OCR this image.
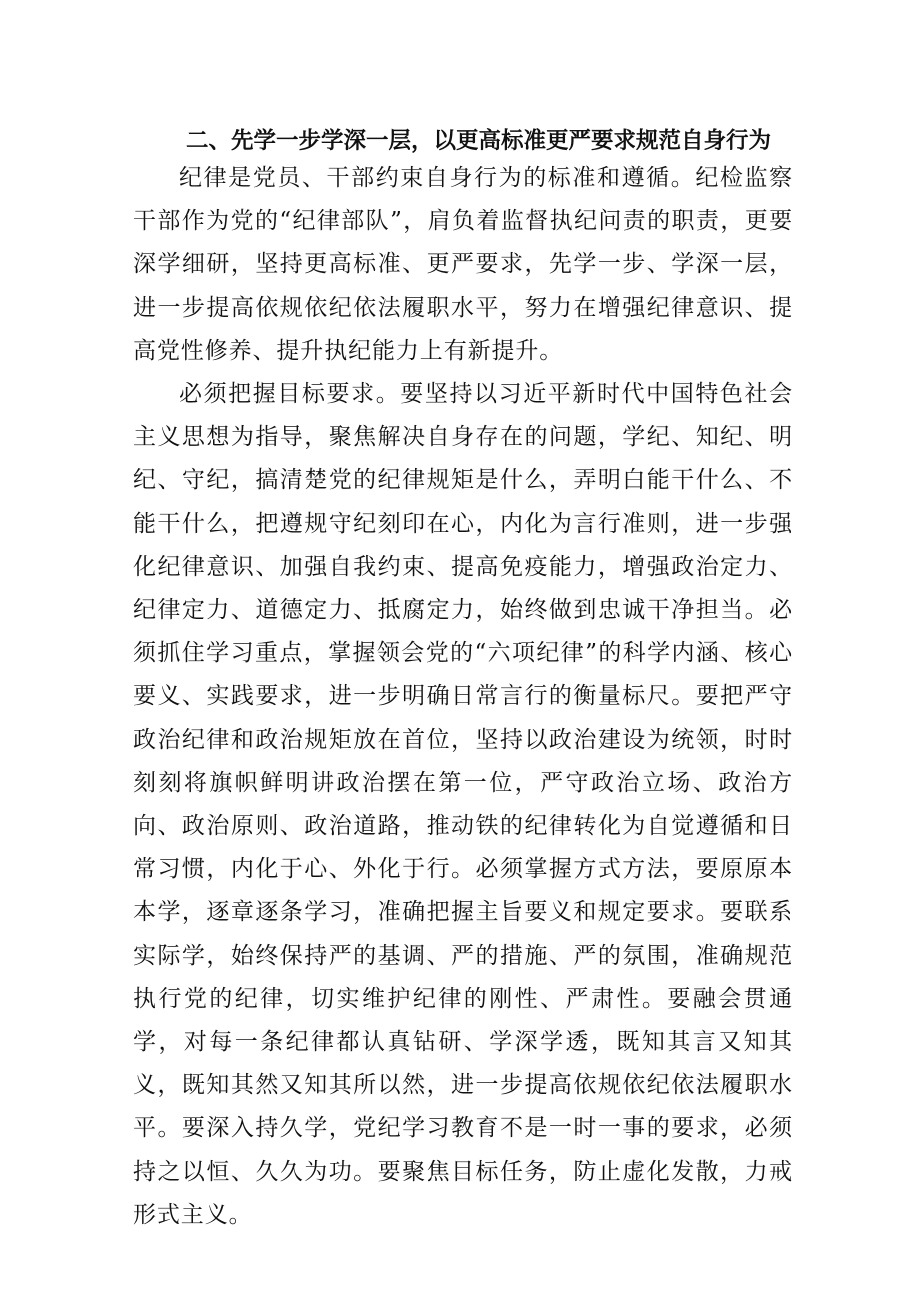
二、先学一步学深一层，以更高标准更严要求规范自身行为

纪律是党员、干部约束自身行为的标准和遵循。纪检监察干部作为党的“纪律部队”，肩负着监督执纪问责的职责，更要深学细研，坚持更高标准、更严要求，先学一步、学深一层，进一步提高依规依纪依法履职水平，努力在增强纪律意识、提高党性修养、提升执纪能力上有新提升。

必须把握目标要求。要坚持以习近平新时代中国特色社会主义思想为指导，聚焦解决自身存在的问题，学纪、知纪、明纪、守纪，搞清楚党的纪律规矩是什么，弄明白能干什么、不能干什么，把遵规守纪刻印在心，内化为言行准则，进一步强化纪律意识、加强自我约束、提高免疫能力，增强政治定力、纪律定力、道德定力、抵腐定力，始终做到忠诚干净担当。必须抓住学习重点，掌握领会党的“六项纪律”的科学内涵、核心要义、实践要求，进一步明确日常言行的衡量标尺。要把严守政治纪律和政治规矩放在首位，坚持以政治建设为统领，时时刻刻将旗帜鲜明讲政治摆在第一位，严守政治立场、政治方向、政治原则、政治道路，推动铁的纪律转化为自觉遵循和日常习惯，内化于心、外化于行。必须掌握方式方法，要原原本本学，逐章逐条学习，准确把握主旨要义和规定要求。要联系实际学，始终保持严的基调、严的措施、严的氛围，准确规范执行党的纪律，切实维护纪律的刚性、严肃性。要融会贯通学，对每一条纪律都认真钻研、学深学透，既知其言又知其义，既知其然又知其所以然，进一步提高依规依纪依法履职水平。要深入持久学，党纪学习教育不是一时一事的要求，必须持之以恒、久久为功。要聚焦目标任务，防止虚化发散，力戒形式主义。
